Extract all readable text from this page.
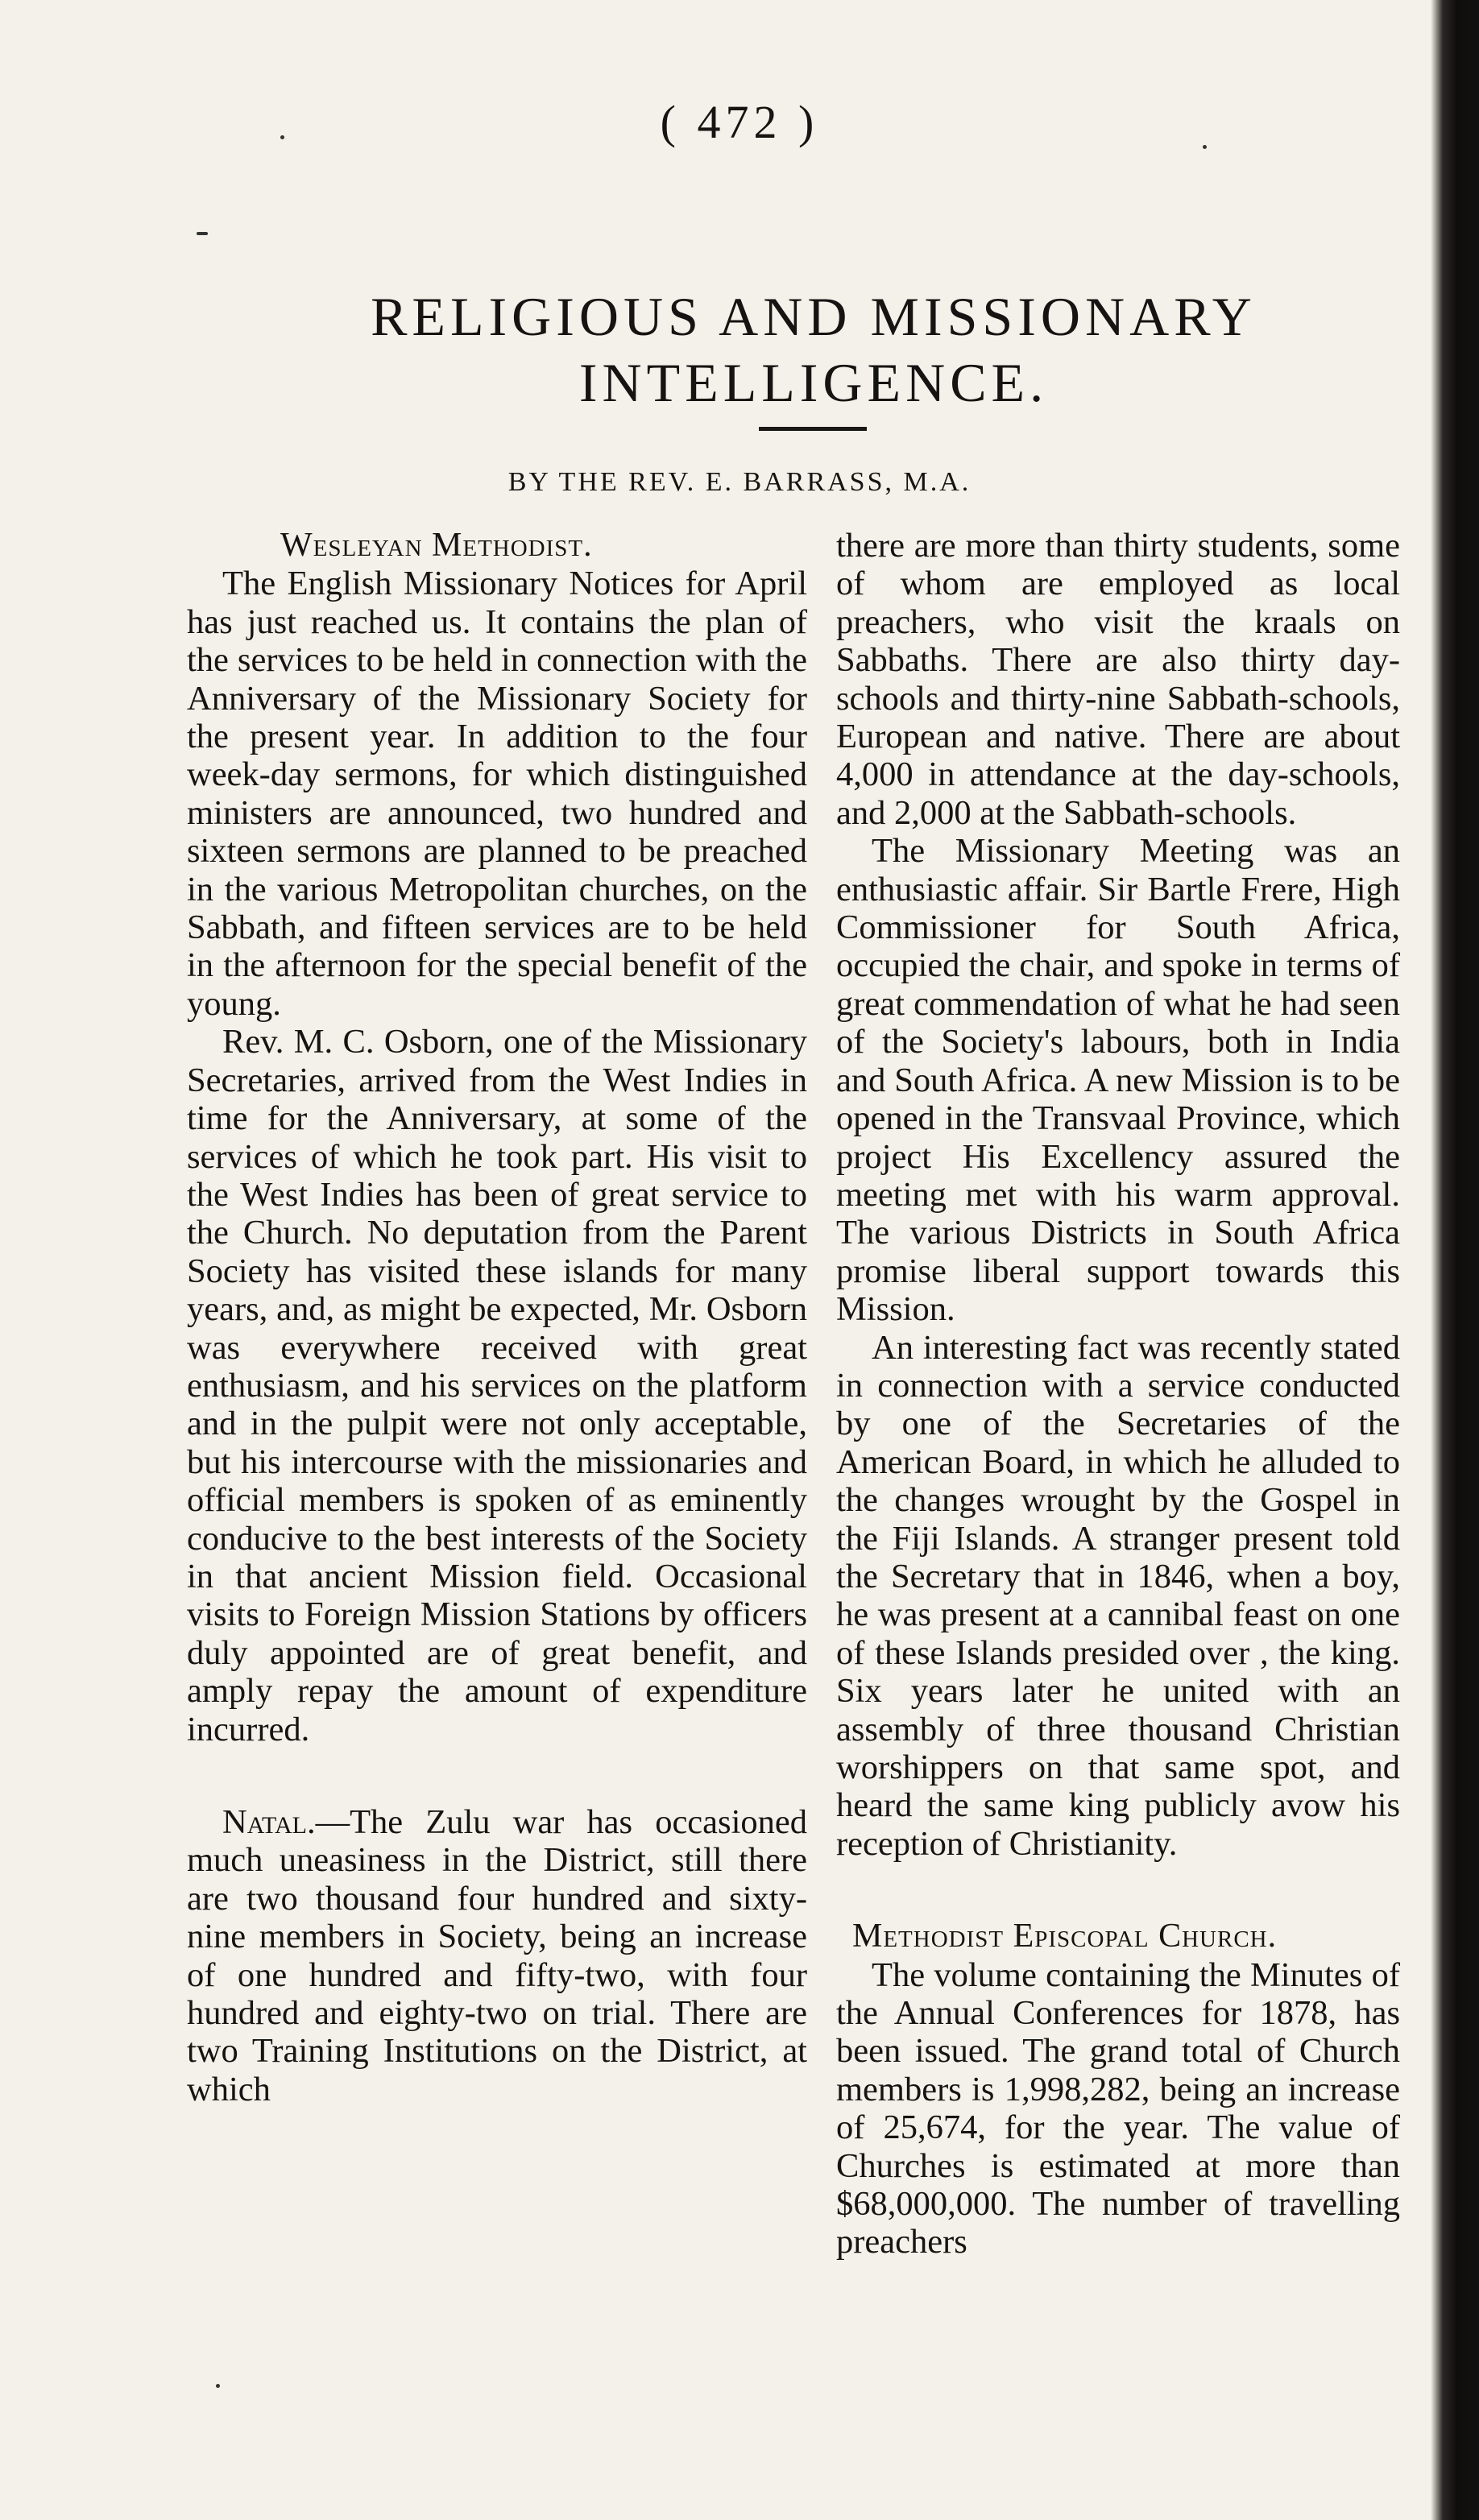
( 472 )
RELIGIOUS AND MISSIONARY
INTELLIGENCE.
BY THE REV. E. BARRASS, M.A.
Wesleyan Methodist.

The English Missionary Notices for April has just reached us. It contains the plan of the services to be held in connection with the Anniversary of the Missionary Society for the present year. In addition to the four week-day sermons, for which distinguished ministers are announced, two hundred and sixteen sermons are planned to be preached in the various Metropolitan churches, on the Sabbath, and fifteen services are to be held in the afternoon for the special benefit of the young.

Rev. M. C. Osborn, one of the Missionary Secretaries, arrived from the West Indies in time for the Anniversary, at some of the services of which he took part. His visit to the West Indies has been of great service to the Church. No deputation from the Parent Society has visited these islands for many years, and, as might be expected, Mr. Osborn was everywhere received with great enthusiasm, and his services on the platform and in the pulpit were not only acceptable, but his intercourse with the missionaries and official members is spoken of as eminently conducive to the best interests of the Society in that ancient Mission field. Occasional visits to Foreign Mission Stations by officers duly appointed are of great benefit, and amply repay the amount of expenditure incurred.

Natal.—The Zulu war has occasioned much uneasiness in the District, still there are two thousand four hundred and sixty-nine members in Society, being an increase of one hundred and fifty-two, with four hundred and eighty-two on trial. There are two Training Institutions on the District, at which

there are more than thirty students, some of whom are employed as local preachers, who visit the kraals on Sabbaths. There are also thirty day-schools and thirty-nine Sabbath-schools, European and native. There are about 4,000 in attendance at the day-schools, and 2,000 at the Sabbath-schools.

The Missionary Meeting was an enthusiastic affair. Sir Bartle Frere, High Commissioner for South Africa, occupied the chair, and spoke in terms of great commendation of what he had seen of the Society's labours, both in India and South Africa. A new Mission is to be opened in the Transvaal Province, which project His Excellency assured the meeting met with his warm approval. The various Districts in South Africa promise liberal support towards this Mission.

An interesting fact was recently stated in connection with a service conducted by one of the Secretaries of the American Board, in which he alluded to the changes wrought by the Gospel in the Fiji Islands. A stranger present told the Secretary that in 1846, when a boy, he was present at a cannibal feast on one of these Islands presided over , the king. Six years later he united with an assembly of three thousand Christian worshippers on that same spot, and heard the same king publicly avow his reception of Christianity.

Methodist Episcopal Church.

The volume containing the Minutes of the Annual Conferences for 1878, has been issued. The grand total of Church members is 1,998,282, being an increase of 25,674, for the year. The value of Churches is estimated at more than $68,000,000. The number of travelling preachers
